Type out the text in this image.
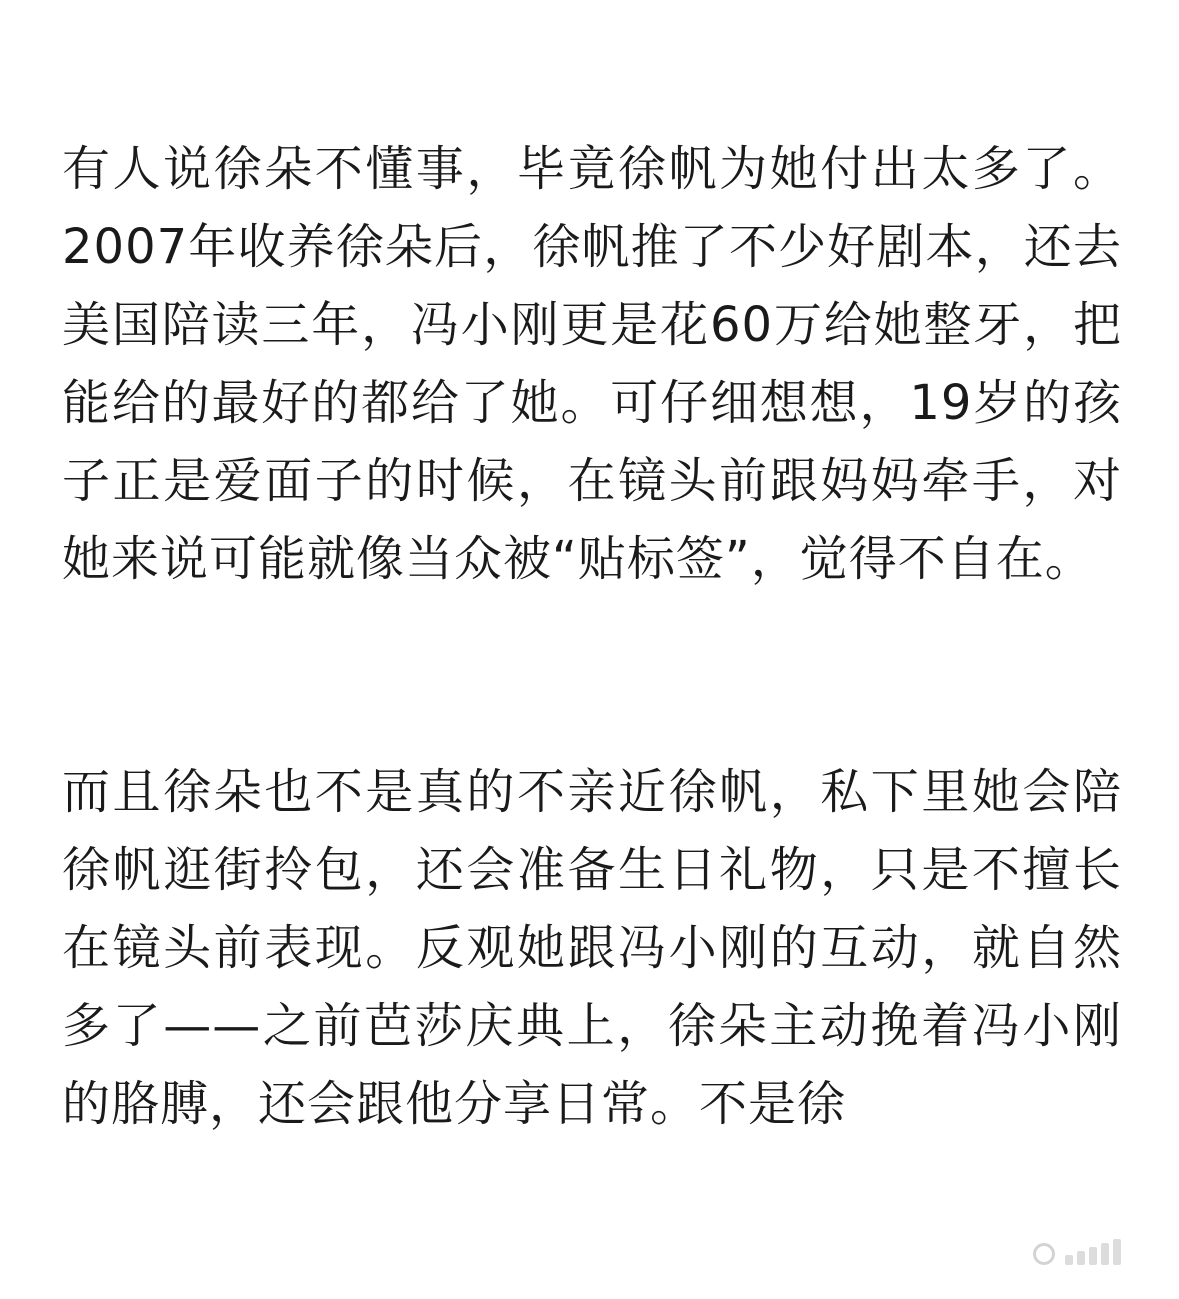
有人说徐朵不懂事，毕竟徐帆为她付出太多了。2007年收养徐朵后，徐帆推了不少好剧本，还去美国陪读三年，冯小刚更是花60万给她整牙，把能给的最好的都给了她。可仔细想想，19岁的孩子正是爱面子的时候，在镜头前跟妈妈牵手，对她来说可能就像当众被“贴标签”，觉得不自在。

而且徐朵也不是真的不亲近徐帆，私下里她会陪徐帆逛街拎包，还会准备生日礼物，只是不擅长在镜头前表现。反观她跟冯小刚的互动，就自然多了——之前芭莎庆典上，徐朵主动挽着冯小刚的胳膊，还会跟他分享日常。不是徐
